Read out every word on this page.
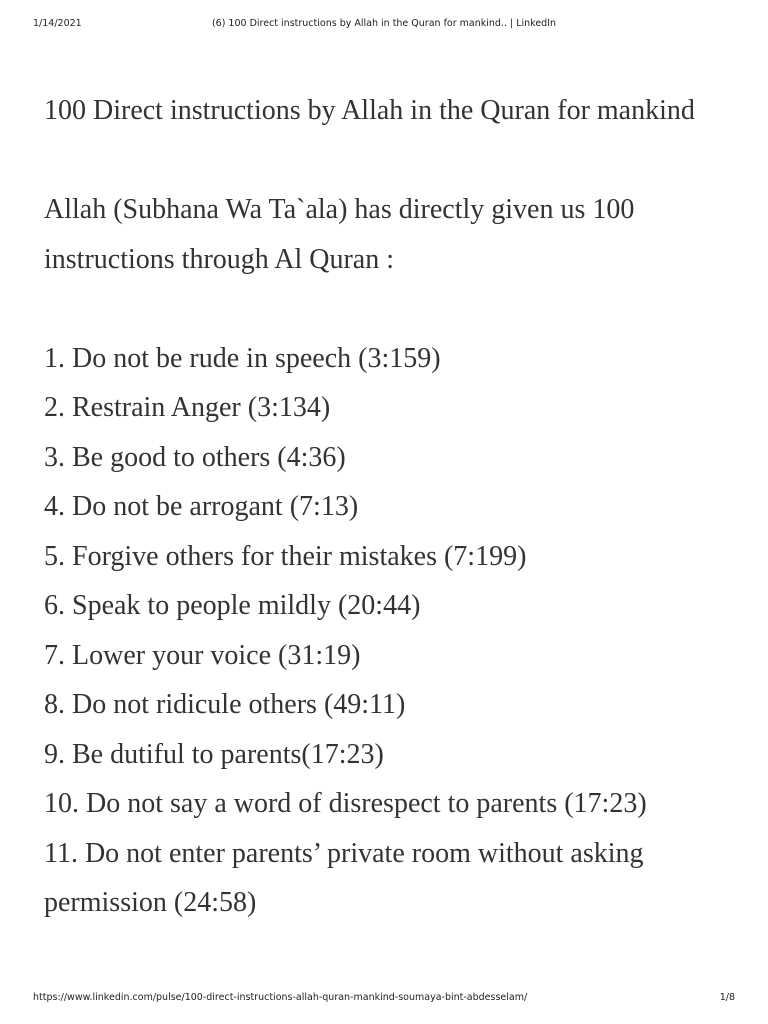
1/14/2021	(6) 100 Direct instructions by Allah in the Quran for mankind.. | LinkedIn

100 Direct instructions by Allah in the Quran for mankind

Allah (Subhana Wa Ta`ala) has directly given us 100 instructions through Al Quran :

1. Do not be rude in speech (3:159)
2. Restrain Anger (3:134)
3. Be good to others (4:36)
4. Do not be arrogant (7:13)
5. Forgive others for their mistakes (7:199)
6. Speak to people mildly (20:44)
7. Lower your voice (31:19)
8. Do not ridicule others (49:11)
9. Be dutiful to parents(17:23)
10. Do not say a word of disrespect to parents (17:23)
11. Do not enter parents’ private room without asking permission (24:58)
https://www.linkedin.com/pulse/100-direct-instructions-allah-quran-mankind-soumaya-bint-abdesselam/	1/8
